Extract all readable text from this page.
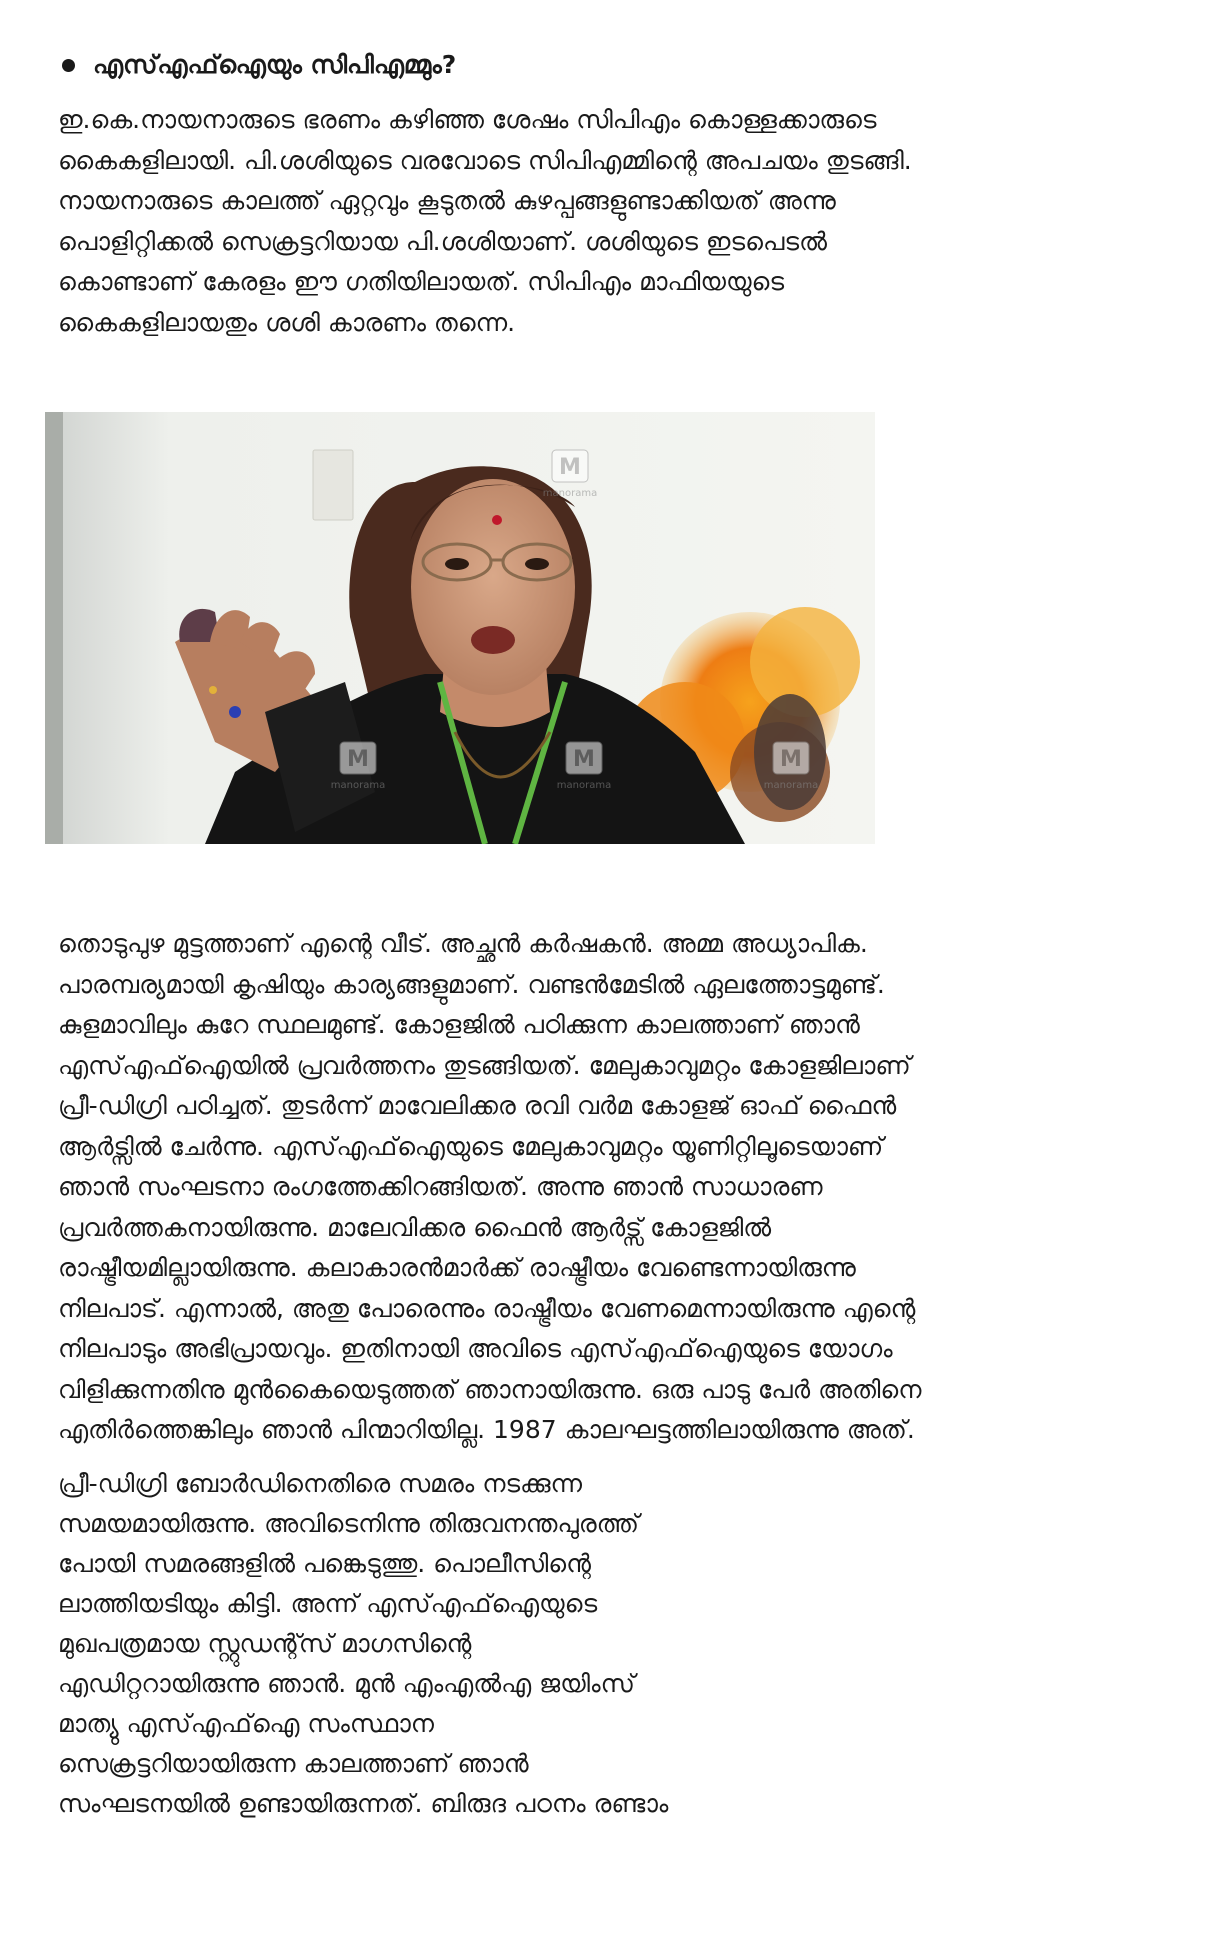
എസ്എഫ്ഐയും സിപിഎമ്മും?

ഇ.കെ.നായനാരുടെ ഭരണം കഴിഞ്ഞ ശേഷം സിപിഎം കൊള്ളക്കാരുടെ
കൈകളിലായി. പി.ശശിയുടെ വരവോടെ സിപിഎമ്മിന്റെ അപചയം തുടങ്ങി.
നായനാരുടെ കാലത്ത് ഏറ്റവും കൂടുതൽ കുഴപ്പങ്ങളുണ്ടാക്കിയത് അന്നു
പൊളിറ്റിക്കൽ സെക്രട്ടറിയായ പി.ശശിയാണ്. ശശിയുടെ ഇടപെടൽ
കൊണ്ടാണ് കേരളം ഈ ഗതിയിലായത്. സിപിഎം മാഫിയയുടെ
കൈകളിലായതും ശശി കാരണം തന്നെ.

M
manorama
M
manorama
M
manorama
M
manorama

തൊടുപുഴ മുട്ടത്താണ് എന്റെ വീട്. അച്ഛൻ കർഷകൻ. അമ്മ അധ്യാപിക.
പാരമ്പര്യമായി കൃഷിയും കാര്യങ്ങളുമാണ്. വണ്ടൻമേടിൽ ഏലത്തോട്ടമുണ്ട്.
കുളമാവിലും കുറേ സ്ഥലമുണ്ട്. കോളജിൽ പഠിക്കുന്ന കാലത്താണ് ഞാൻ
എസ്എഫ്ഐയിൽ പ്രവർത്തനം തുടങ്ങിയത്. മേലുകാവുമറ്റം കോളജിലാണ്
പ്രീ-ഡിഗ്രി പഠിച്ചത്. തുടർന്ന് മാവേലിക്കര രവി വർമ കോളജ് ഓഫ് ഫൈൻ
ആർട്സിൽ ചേർന്നു. എസ്എഫ്ഐയുടെ മേലുകാവുമറ്റം യൂണിറ്റിലൂടെയാണ്
ഞാൻ സംഘടനാ രംഗത്തേക്കിറങ്ങിയത്. അന്നു ഞാൻ സാധാരണ
പ്രവർത്തകനായിരുന്നു. മാലേവിക്കര ഫൈൻ ആർട്സ് കോളജിൽ
രാഷ്ട്രീയമില്ലായിരുന്നു. കലാകാരൻമാർക്ക് രാഷ്ട്രീയം വേണ്ടെന്നായിരുന്നു
നിലപാട്. എന്നാൽ, അതു പോരെന്നും രാഷ്ട്രീയം വേണമെന്നായിരുന്നു എന്റെ
നിലപാടും അഭിപ്രായവും. ഇതിനായി അവിടെ എസ്എഫ്ഐയുടെ യോഗം
വിളിക്കുന്നതിനു മുൻകൈയെടുത്തത് ഞാനായിരുന്നു. ഒരു പാടു പേർ അതിനെ
എതിർത്തെങ്കിലും ഞാൻ പിന്മാറിയില്ല. 1987 കാലഘട്ടത്തിലായിരുന്നു അത്.

പ്രീ-ഡിഗ്രി ബോർഡിനെതിരെ സമരം നടക്കുന്ന
സമയമായിരുന്നു. അവിടെനിന്നു തിരുവനന്തപുരത്ത്
പോയി സമരങ്ങളിൽ പങ്കെടുത്തു. പൊലീസിന്റെ
ലാത്തിയടിയും കിട്ടി. അന്ന് എസ്എഫ്ഐയുടെ
മുഖപത്രമായ സ്റ്റുഡന്റ്സ് മാഗസിന്റെ
എഡിറ്ററായിരുന്നു ഞാൻ. മുൻ എംഎൽഎ ജയിംസ്
മാത്യു എസ്എഫ്ഐ സംസ്ഥാന
സെക്രട്ടറിയായിരുന്ന കാലത്താണ് ഞാൻ
സംഘടനയിൽ ഉണ്ടായിരുന്നത്. ബിരുദ പഠനം രണ്ടാം
